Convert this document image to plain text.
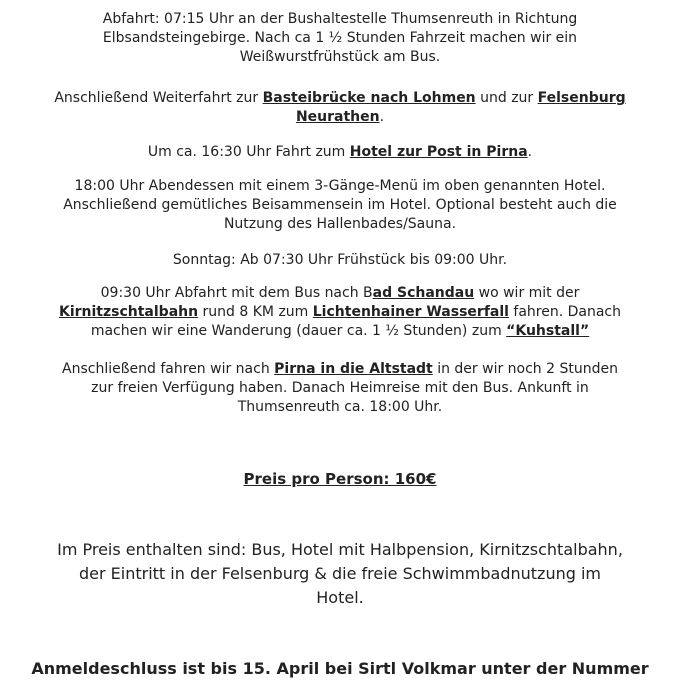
Abfahrt: 07:15 Uhr an der Bushaltestelle Thumsenreuth in Richtung
Elbsandsteingebirge. Nach ca 1 ½ Stunden Fahrzeit machen wir ein
Weißwurstfrühstück am Bus.
Anschließend Weiterfahrt zur Basteibrücke nach Lohmen und zur Felsenburg
Neurathen.
Um ca. 16:30 Uhr Fahrt zum Hotel zur Post in Pirna.
18:00 Uhr Abendessen mit einem 3-Gänge-Menü im oben genannten Hotel.
Anschließend gemütliches Beisammensein im Hotel. Optional besteht auch die
Nutzung des Hallenbades/Sauna.
Sonntag: Ab 07:30 Uhr Frühstück bis 09:00 Uhr.
09:30 Uhr Abfahrt mit dem Bus nach Bad Schandau wo wir mit der
Kirnitzschtalbahn rund 8 KM zum Lichtenhainer Wasserfall fahren. Danach
machen wir eine Wanderung (dauer ca. 1 ½ Stunden) zum “Kuhstall”
Anschließend fahren wir nach Pirna in die Altstadt in der wir noch 2 Stunden
zur freien Verfügung haben. Danach Heimreise mit den Bus. Ankunft in
Thumsenreuth ca. 18:00 Uhr.
Preis pro Person: 160€
Im Preis enthalten sind: Bus, Hotel mit Halbpension, Kirnitzschtalbahn,
der Eintritt in der Felsenburg & die freie Schwimmbadnutzung im
Hotel.
Anmeldeschluss ist bis 15. April bei Sirtl Volkmar unter der Nummer
